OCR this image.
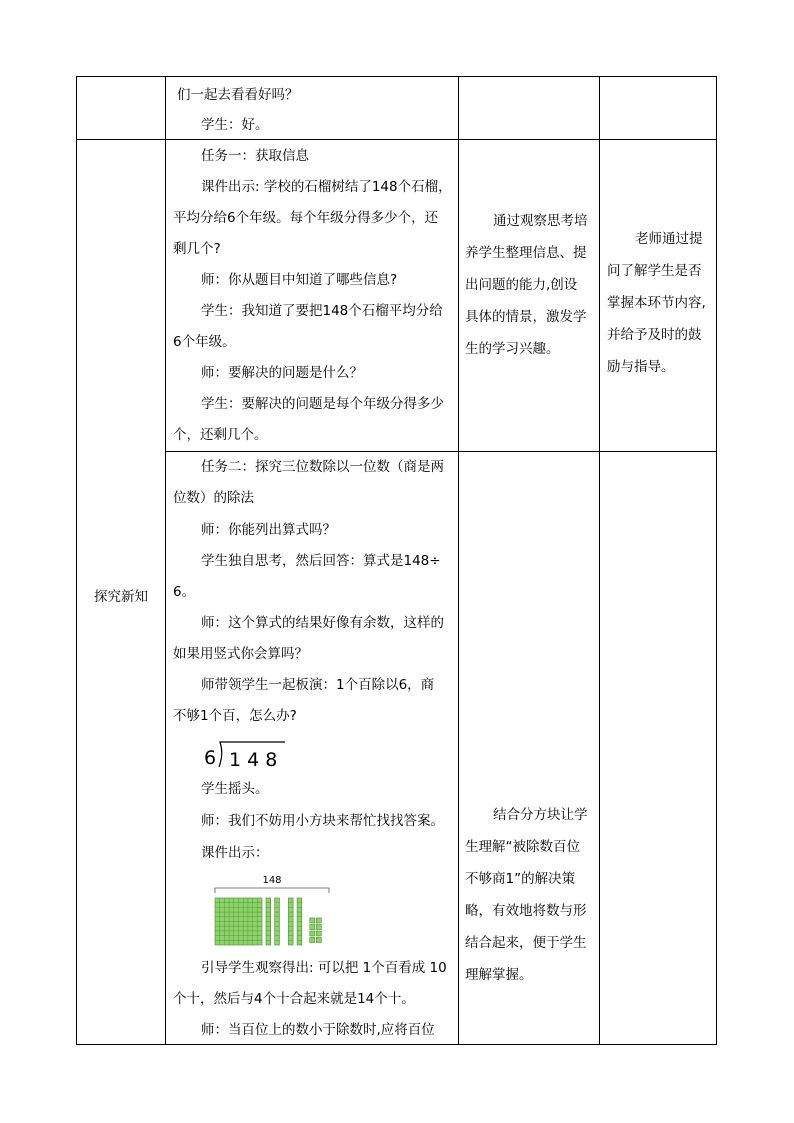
们一起去看看好吗？
学生：好。
任务一：获取信息
课件出示: 学校的石榴树结了148个石榴，
平均分给6个年级。每个年级分得多少个，还
剩几个?
师：你从题目中知道了哪些信息?
学生：我知道了要把148个石榴平均分给
6个年级。
师：要解决的问题是什么？
学生：要解决的问题是每个年级分得多少
个，还剩几个。
通过观察思考培
养学生整理信息、提
出问题的能力,创设
具体的情景，激发学
生的学习兴趣。
老师通过提
问了解学生是否
掌握本环节内容,
并给予及时的鼓
励与指导。
探究新知
任务二：探究三位数除以一位数（商是两
位数）的除法
师：你能列出算式吗？
学生独自思考，然后回答：算式是148÷
6。
师：这个算式的结果好像有余数，这样的
如果用竖式你会算吗？
师带领学生一起板演：1个百除以6，商
不够1个百，怎么办?
6 1 4 8
学生摇头。
师：我们不妨用小方块来帮忙找找答案。
课件出示：
148
引导学生观察得出: 可以把 1个百看成 10
个十，然后与4个十合起来就是14个十。
师：当百位上的数小于除数时,应将百位
结合分方块让学
生理解“被除数百位
不够商1”的解决策
略，有效地将数与形
结合起来，便于学生
理解掌握。
